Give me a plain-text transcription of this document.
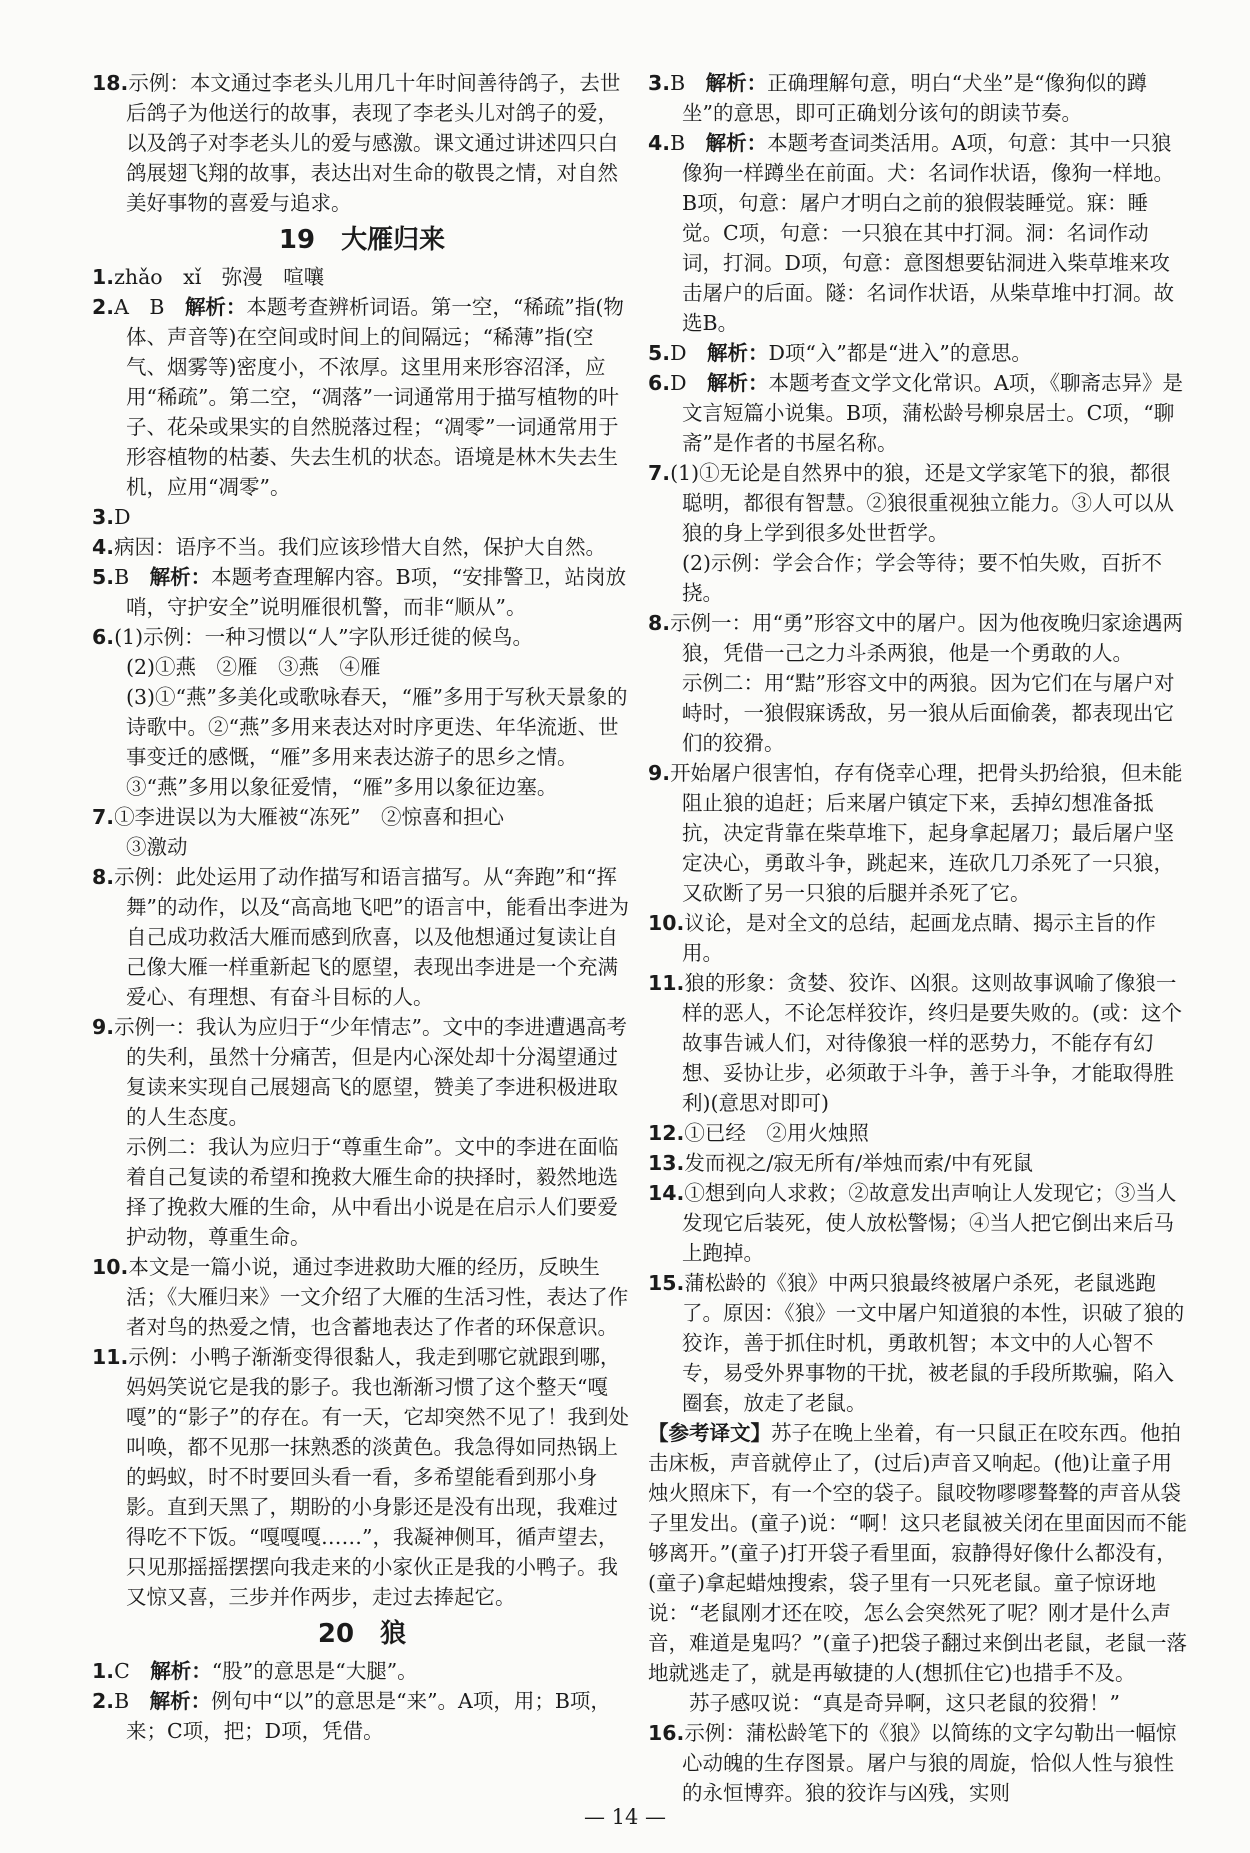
18.示例：本文通过李老头儿用几十年时间善待鸽子，去世后鸽子为他送行的故事，表现了李老头儿对鸽子的爱，以及鸽子对李老头儿的爱与感激。课文通过讲述四只白鸽展翅飞翔的故事，表达出对生命的敬畏之情，对自然美好事物的喜爱与追求。

19　大雁归来

1.zhǎo　xǐ　弥漫　喧嚷

2.A　B　解析：本题考查辨析词语。第一空，“稀疏”指(物体、声音等)在空间或时间上的间隔远；“稀薄”指(空气、烟雾等)密度小，不浓厚。这里用来形容沼泽，应用“稀疏”。第二空，“凋落”一词通常用于描写植物的叶子、花朵或果实的自然脱落过程；“凋零”一词通常用于形容植物的枯萎、失去生机的状态。语境是林木失去生机，应用“凋零”。

3.D

4.病因：语序不当。我们应该珍惜大自然，保护大自然。

5.B　解析：本题考查理解内容。B项，“安排警卫，站岗放哨，守护安全”说明雁很机警，而非“顺从”。

6.(1)示例：一种习惯以“人”字队形迁徙的候鸟。

(2)①燕　②雁　③燕　④雁

(3)①“燕”多美化或歌咏春天，“雁”多用于写秋天景象的诗歌中。②“燕”多用来表达对时序更迭、年华流逝、世事变迁的感慨，“雁”多用来表达游子的思乡之情。③“燕”多用以象征爱情，“雁”多用以象征边塞。

7.①李进误以为大雁被“冻死”　②惊喜和担心

③激动

8.示例：此处运用了动作描写和语言描写。从“奔跑”和“挥舞”的动作，以及“高高地飞吧”的语言中，能看出李进为自己成功救活大雁而感到欣喜，以及他想通过复读让自己像大雁一样重新起飞的愿望，表现出李进是一个充满爱心、有理想、有奋斗目标的人。

9.示例一：我认为应归于“少年情志”。文中的李进遭遇高考的失利，虽然十分痛苦，但是内心深处却十分渴望通过复读来实现自己展翅高飞的愿望，赞美了李进积极进取的人生态度。

示例二：我认为应归于“尊重生命”。文中的李进在面临着自己复读的希望和挽救大雁生命的抉择时，毅然地选择了挽救大雁的生命，从中看出小说是在启示人们要爱护动物，尊重生命。

10.本文是一篇小说，通过李进救助大雁的经历，反映生活；《大雁归来》一文介绍了大雁的生活习性，表达了作者对鸟的热爱之情，也含蓄地表达了作者的环保意识。

11.示例：小鸭子渐渐变得很黏人，我走到哪它就跟到哪，妈妈笑说它是我的影子。我也渐渐习惯了这个整天“嘎嘎”的“影子”的存在。有一天，它却突然不见了！我到处叫唤，都不见那一抹熟悉的淡黄色。我急得如同热锅上的蚂蚁，时不时要回头看一看，多希望能看到那小身影。直到天黑了，期盼的小身影还是没有出现，我难过得吃不下饭。“嘎嘎嘎……”，我凝神侧耳，循声望去，只见那摇摇摆摆向我走来的小家伙正是我的小鸭子。我又惊又喜，三步并作两步，走过去捧起它。

20　狼

1.C　解析：“股”的意思是“大腿”。

2.B　解析：例句中“以”的意思是“来”。A项，用；B项，来；C项，把；D项，凭借。

3.B　解析：正确理解句意，明白“犬坐”是“像狗似的蹲坐”的意思，即可正确划分该句的朗读节奏。

4.B　解析：本题考查词类活用。A项，句意：其中一只狼像狗一样蹲坐在前面。犬：名词作状语，像狗一样地。B项，句意：屠户才明白之前的狼假装睡觉。寐：睡觉。C项，句意：一只狼在其中打洞。洞：名词作动词，打洞。D项，句意：意图想要钻洞进入柴草堆来攻击屠户的后面。隧：名词作状语，从柴草堆中打洞。故选B。

5.D　解析：D项“入”都是“进入”的意思。

6.D　解析：本题考查文学文化常识。A项，《聊斋志异》是文言短篇小说集。B项，蒲松龄号柳泉居士。C项，“聊斋”是作者的书屋名称。

7.(1)①无论是自然界中的狼，还是文学家笔下的狼，都很聪明，都很有智慧。②狼很重视独立能力。③人可以从狼的身上学到很多处世哲学。

(2)示例：学会合作；学会等待；要不怕失败，百折不挠。

8.示例一：用“勇”形容文中的屠户。因为他夜晚归家途遇两狼，凭借一己之力斗杀两狼，他是一个勇敢的人。

示例二：用“黠”形容文中的两狼。因为它们在与屠户对峙时，一狼假寐诱敌，另一狼从后面偷袭，都表现出它们的狡猾。

9.开始屠户很害怕，存有侥幸心理，把骨头扔给狼，但未能阻止狼的追赶；后来屠户镇定下来，丢掉幻想准备抵抗，决定背靠在柴草堆下，起身拿起屠刀；最后屠户坚定决心，勇敢斗争，跳起来，连砍几刀杀死了一只狼，又砍断了另一只狼的后腿并杀死了它。

10.议论，是对全文的总结，起画龙点睛、揭示主旨的作用。

11.狼的形象：贪婪、狡诈、凶狠。这则故事讽喻了像狼一样的恶人，不论怎样狡诈，终归是要失败的。(或：这个故事告诫人们，对待像狼一样的恶势力，不能存有幻想、妥协让步，必须敢于斗争，善于斗争，才能取得胜利)(意思对即可)

12.①已经　②用火烛照

13.发而视之/寂无所有/举烛而索/中有死鼠

14.①想到向人求救；②故意发出声响让人发现它；③当人发现它后装死，使人放松警惕；④当人把它倒出来后马上跑掉。

15.蒲松龄的《狼》中两只狼最终被屠户杀死，老鼠逃跑了。原因：《狼》一文中屠户知道狼的本性，识破了狼的狡诈，善于抓住时机，勇敢机智；本文中的人心智不专，易受外界事物的干扰，被老鼠的手段所欺骗，陷入圈套，放走了老鼠。

【参考译文】苏子在晚上坐着，有一只鼠正在咬东西。他拍击床板，声音就停止了，(过后)声音又响起。(他)让童子用烛火照床下，有一个空的袋子。鼠咬物嘐嘐聱聱的声音从袋子里发出。(童子)说：“啊！这只老鼠被关闭在里面因而不能够离开。”(童子)打开袋子看里面，寂静得好像什么都没有，(童子)拿起蜡烛搜索，袋子里有一只死老鼠。童子惊讶地说：“老鼠刚才还在咬，怎么会突然死了呢？刚才是什么声音，难道是鬼吗？”(童子)把袋子翻过来倒出老鼠，老鼠一落地就逃走了，就是再敏捷的人(想抓住它)也措手不及。

苏子感叹说：“真是奇异啊，这只老鼠的狡猾！”

16.示例：蒲松龄笔下的《狼》以简练的文字勾勒出一幅惊心动魄的生存图景。屠户与狼的周旋，恰似人性与狼性的永恒博弈。狼的狡诈与凶残，实则

— 14 —
